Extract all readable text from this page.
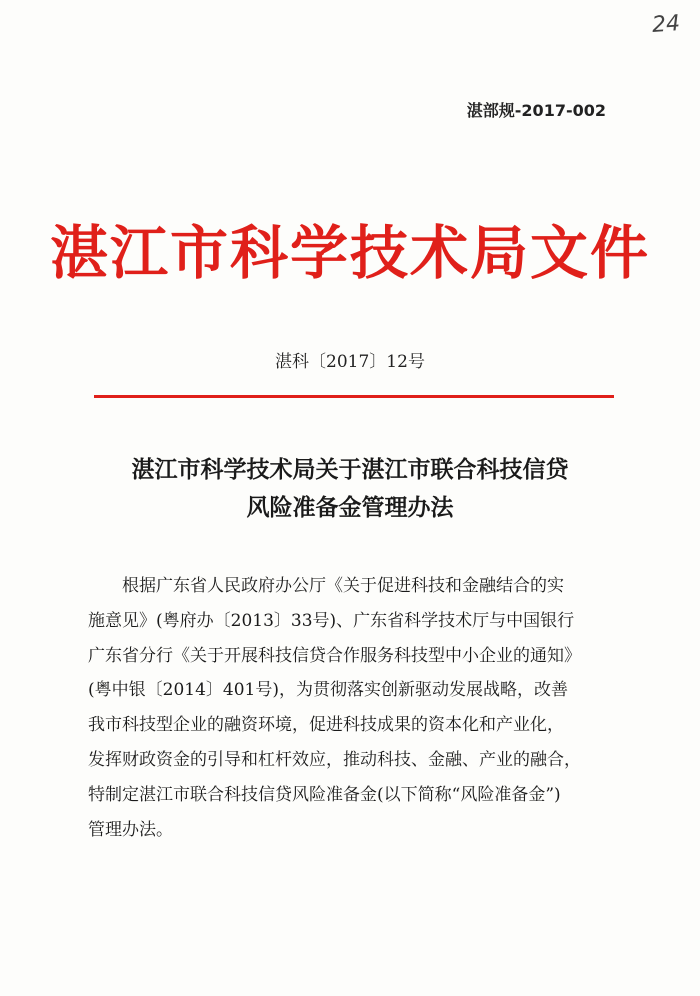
24
湛部规-2017-002
湛江市科学技术局文件
湛科〔2017〕12号
湛江市科学技术局关于湛江市联合科技信贷
风险准备金管理办法
根据广东省人民政府办公厅《关于促进科技和金融结合的实
施意见》(粤府办〔2013〕33号)、广东省科学技术厅与中国银行
广东省分行《关于开展科技信贷合作服务科技型中小企业的通知》
(粤中银〔2014〕401号)，为贯彻落实创新驱动发展战略，改善
我市科技型企业的融资环境，促进科技成果的资本化和产业化，
发挥财政资金的引导和杠杆效应，推动科技、金融、产业的融合，
特制定湛江市联合科技信贷风险准备金(以下简称“风险准备金”)
管理办法。
